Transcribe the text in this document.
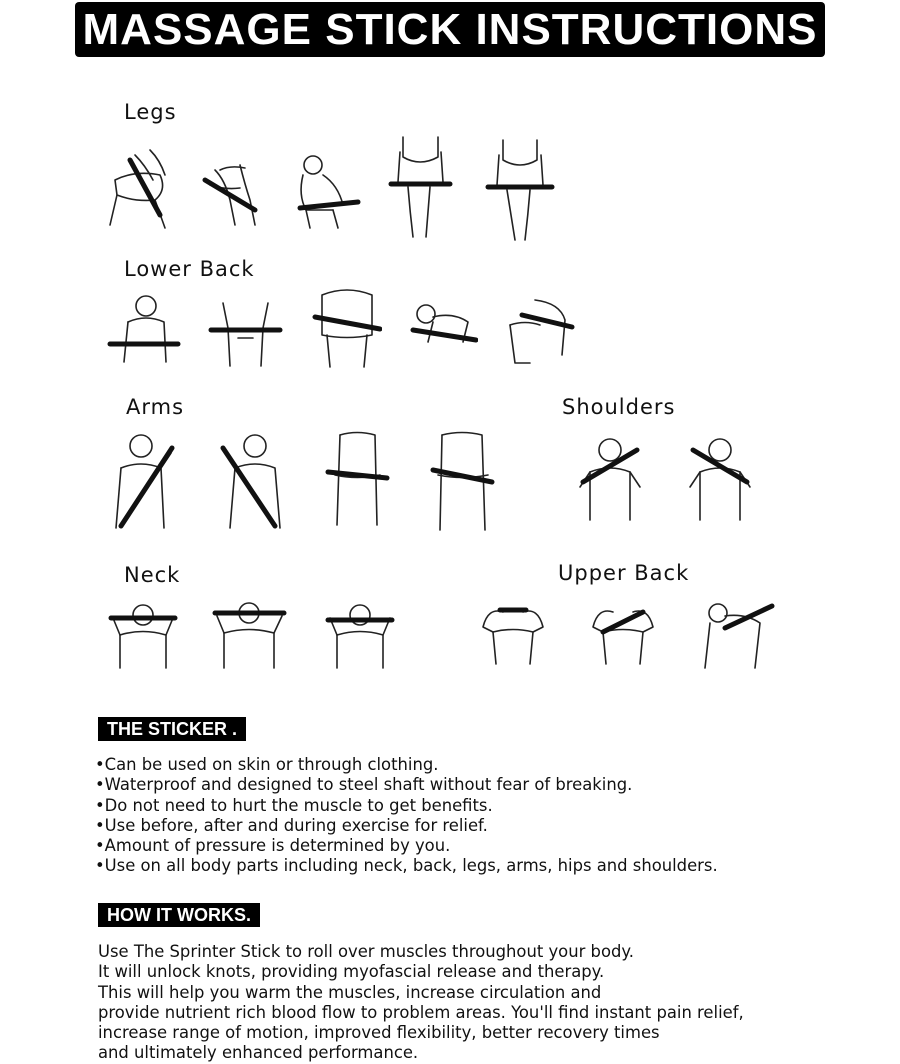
MASSAGE STICK INSTRUCTIONS
Legs
Lower Back
Arms	Shoulders
Neck	Upper Back
THE STICKER .
•Can be used on skin or through clothing.
•Waterproof and designed to steel shaft without fear of breaking.
•Do not need to hurt the muscle to get benefits.
•Use before, after and during exercise for relief.
•Amount of pressure is determined by you.
•Use on all body parts including neck, back, legs, arms, hips and shoulders.
HOW IT WORKS.
Use The Sprinter Stick to roll over muscles throughout your body.
It will unlock knots, providing myofascial release and therapy.
This will help you warm the muscles, increase circulation and
provide nutrient rich blood flow to problem areas. You'll find instant pain relief,
increase range of motion, improved flexibility, better recovery times
and ultimately enhanced performance.
